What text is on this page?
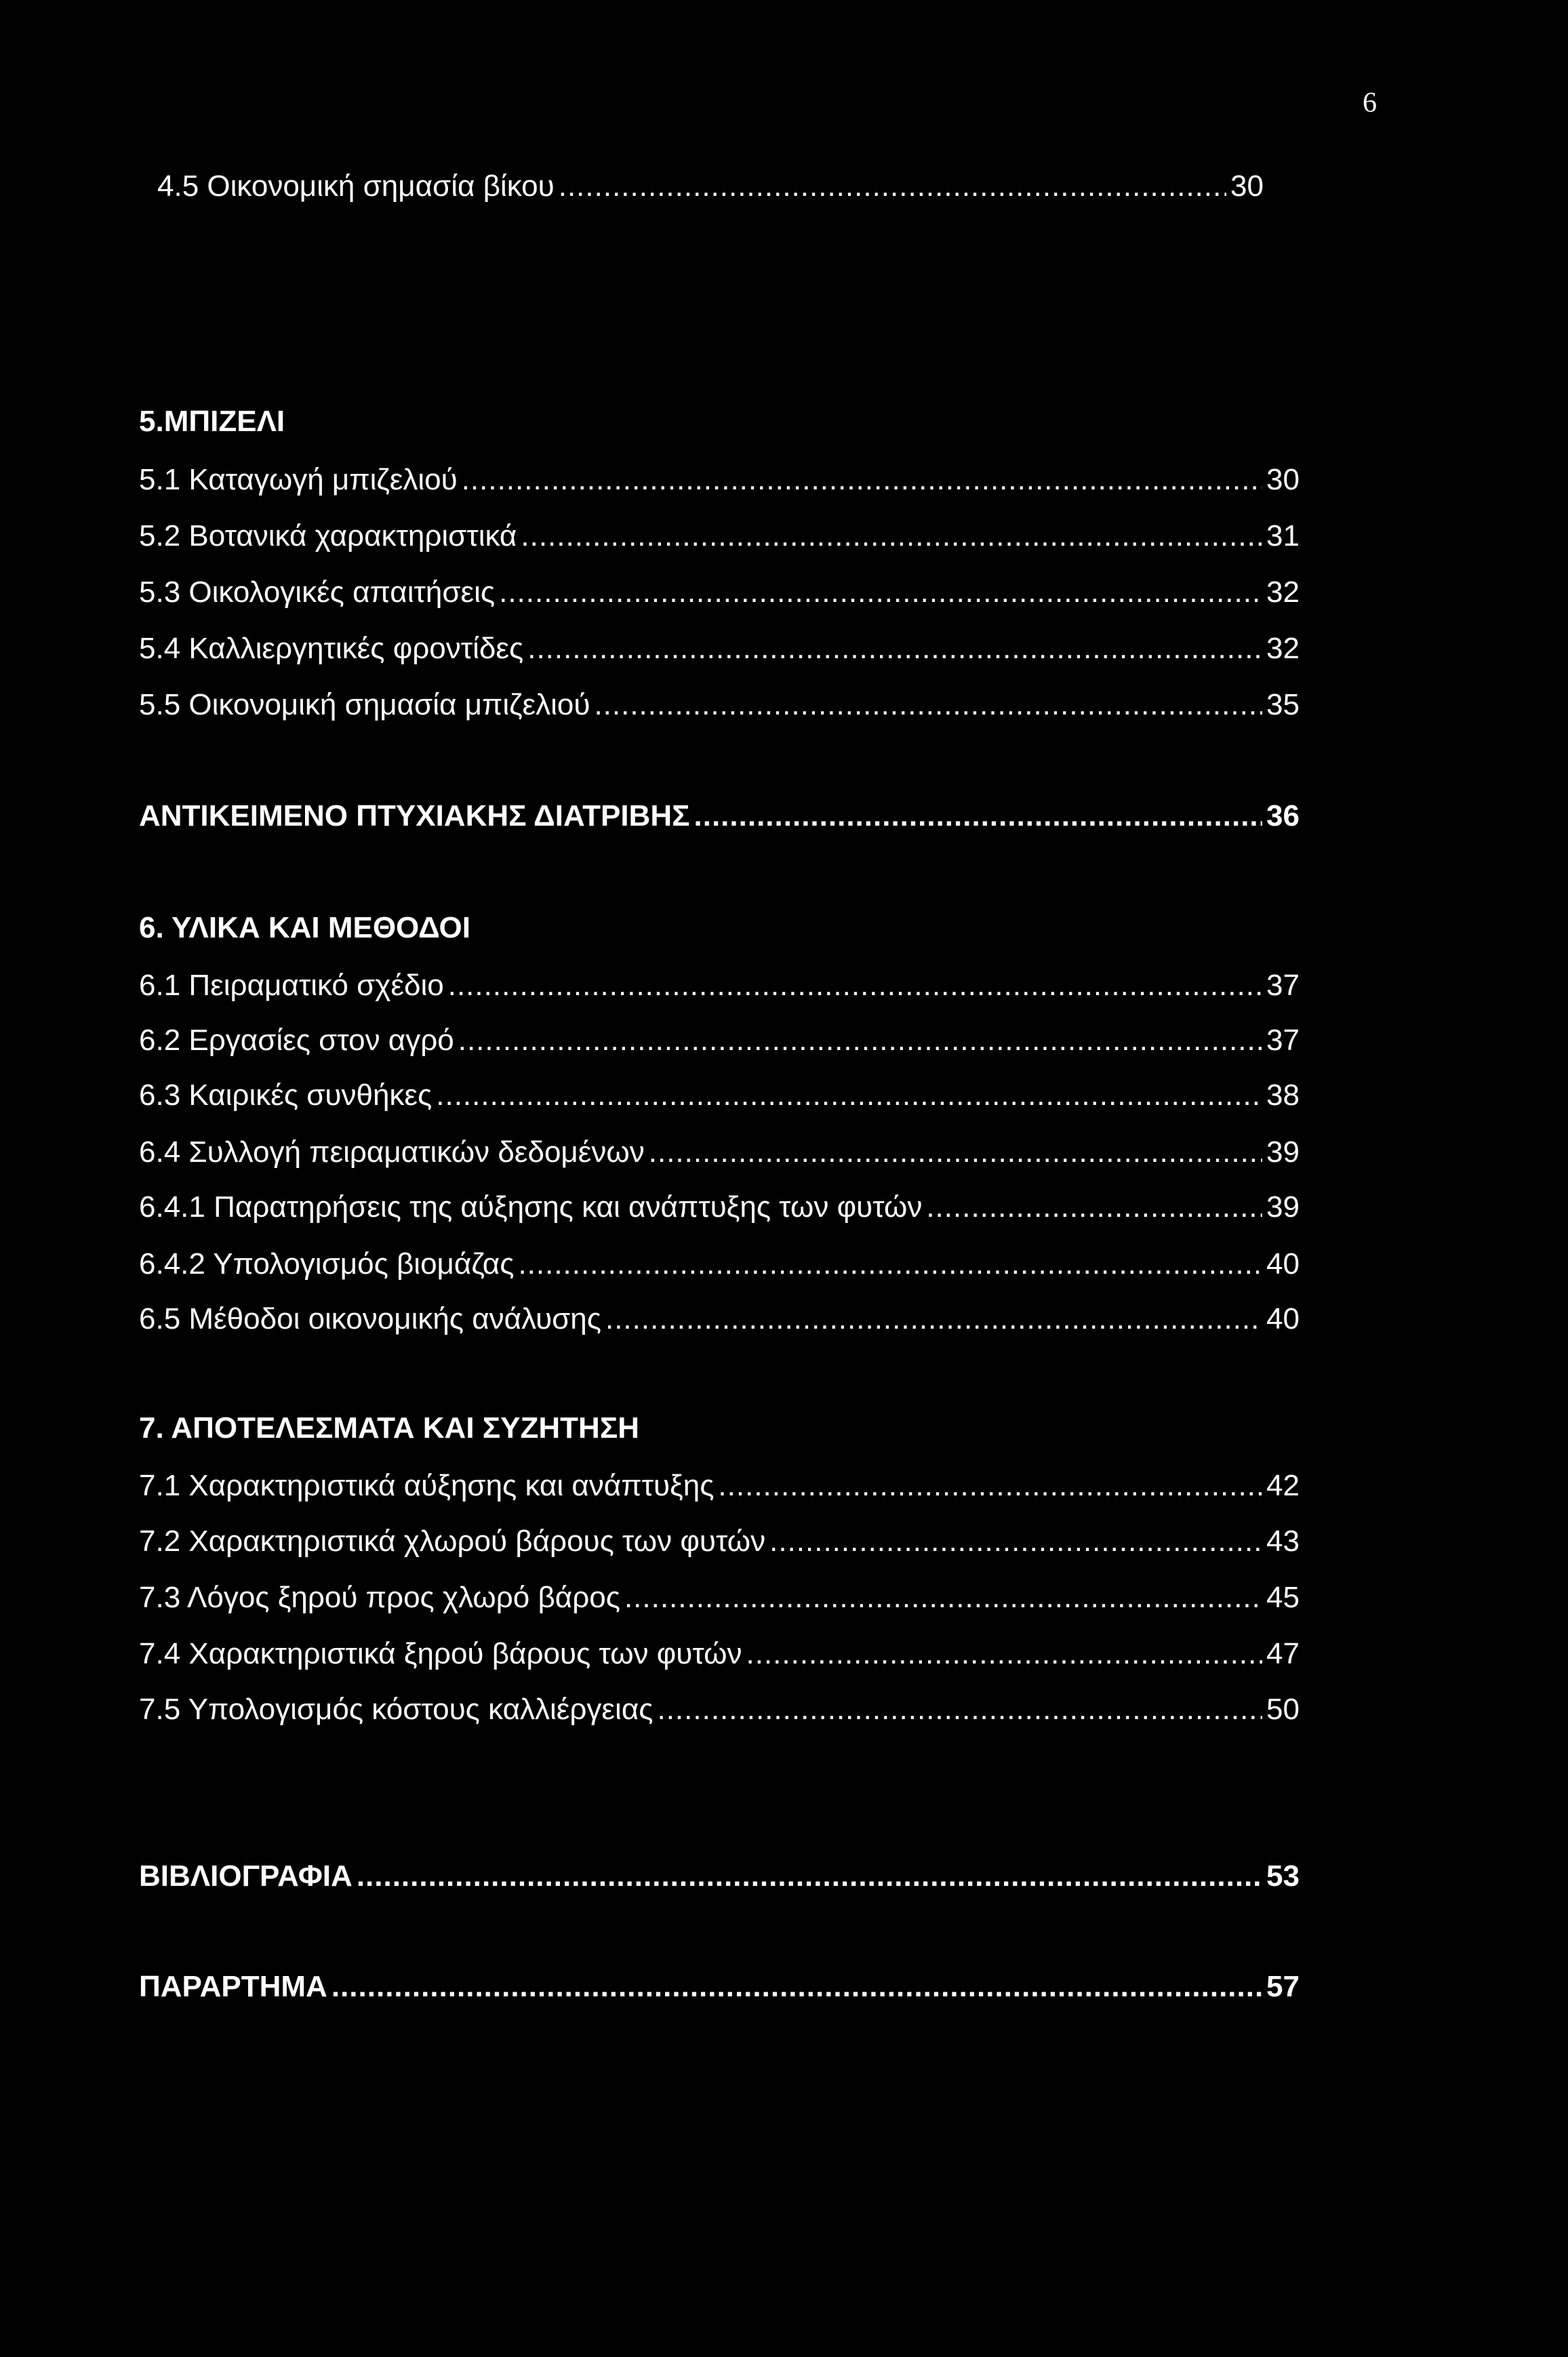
6
4.5 Οικονομική σημασία βίκου .....	30
5.ΜΠΙΖΕΛΙ
5.1 Καταγωγή μπιζελιού .....	30
5.2 Βοτανικά χαρακτηριστικά .....	31
5.3 Οικολογικές απαιτήσεις .....	32
5.4 Καλλιεργητικές φροντίδες .....	32
5.5 Οικονομική σημασία μπιζελιού .....	35
ΑΝΤΙΚΕΙΜΕΝΟ ΠΤΥΧΙΑΚΗΣ ΔΙΑΤΡΙΒΗΣ .....	36
6. ΥΛΙΚΑ ΚΑΙ ΜΕΘΟΔΟΙ
6.1 Πειραματικό σχέδιο .....	37
6.2 Εργασίες στον αγρό .....	37
6.3 Καιρικές συνθήκες .....	38
6.4 Συλλογή πειραματικών δεδομένων .....	39
6.4.1 Παρατηρήσεις της αύξησης και ανάπτυξης των φυτών .....	39
6.4.2 Υπολογισμός βιομάζας .....	40
6.5 Μέθοδοι οικονομικής ανάλυσης .....	40
7. ΑΠΟΤΕΛΕΣΜΑΤΑ ΚΑΙ ΣΥΖΗΤΗΣΗ
7.1 Χαρακτηριστικά αύξησης και ανάπτυξης .....	42
7.2 Χαρακτηριστικά χλωρού βάρους των φυτών .....	43
7.3 Λόγος ξηρού προς χλωρό βάρος .....	45
7.4 Χαρακτηριστικά ξηρού βάρους των φυτών .....	47
7.5 Υπολογισμός κόστους καλλιέργειας .....	50
ΒΙΒΛΙΟΓΡΑΦΙΑ .....	53
ΠΑΡΑΡΤΗΜΑ .....	57
